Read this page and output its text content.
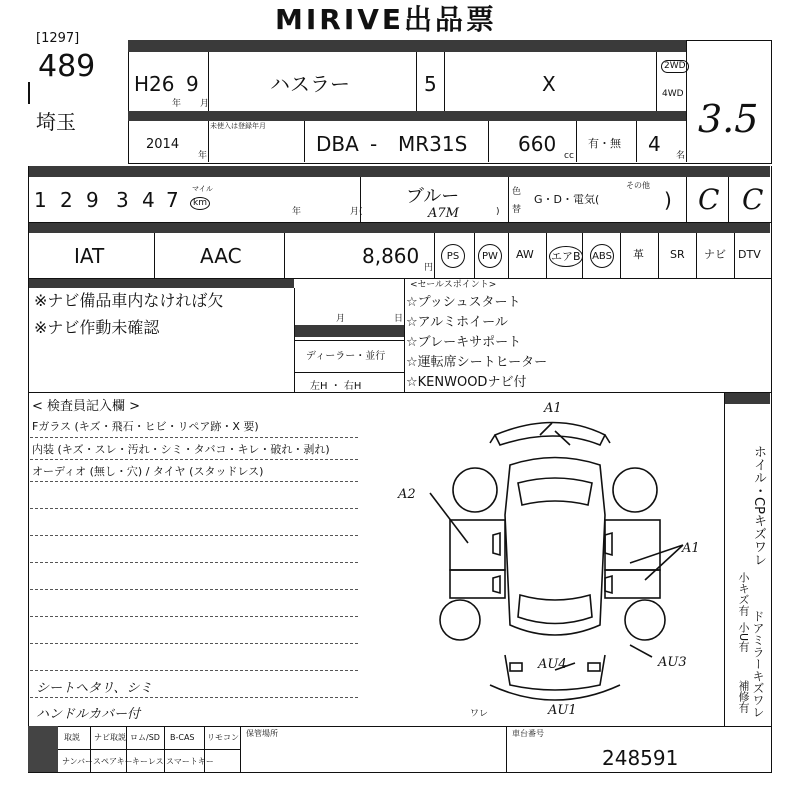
MIRIVE出品票
[1297]
489
埼玉
H26 9
年 月
ハスラー	5	X
2WD
4WD
2014
年
未使入は登録年月
DBA - MR31S	660 cc
有・無 4 名
3.5
1 2 9 3 4 7 マイル
km
年	月(
ブルー
A7M	)
色
替
G・D・電気(
その他
) C C
IAT	AAC	8,860 円
PS	PW	AW エアB ABS 革 SR ナビ DTV
※ナビ備品車内なければ欠
※ナビ作動未確認	月	日
ディーラー・並行
左H ・ 右H
<セールスポイント>
☆プッシュスタート
☆アルミホイール
☆ブレーキサポート
☆運転席シートヒーター
☆KENWOODナビ付
< 検査員記入欄 >
Fガラス (キズ・飛石・ヒビ・リペア跡・X 要)
内装 (キズ・スレ・汚れ・シミ・タバコ・キレ・破れ・剥れ)
オーディオ (無し・穴) / タイヤ (スタッドレス)
シートヘタリ、シミ
ハンドルカバー付
A1
A2
A1
AU4	AU3
AU1
ワレ
ホイル・CPキズワレ
小キズ有
ドアミラーキズワレ
小U有
補修有
取説 ナビ取説 ロム/SD B-CAS リモコン
ナンバー スペアキー キーレス スマートキー
保管場所	車台番号
248591
